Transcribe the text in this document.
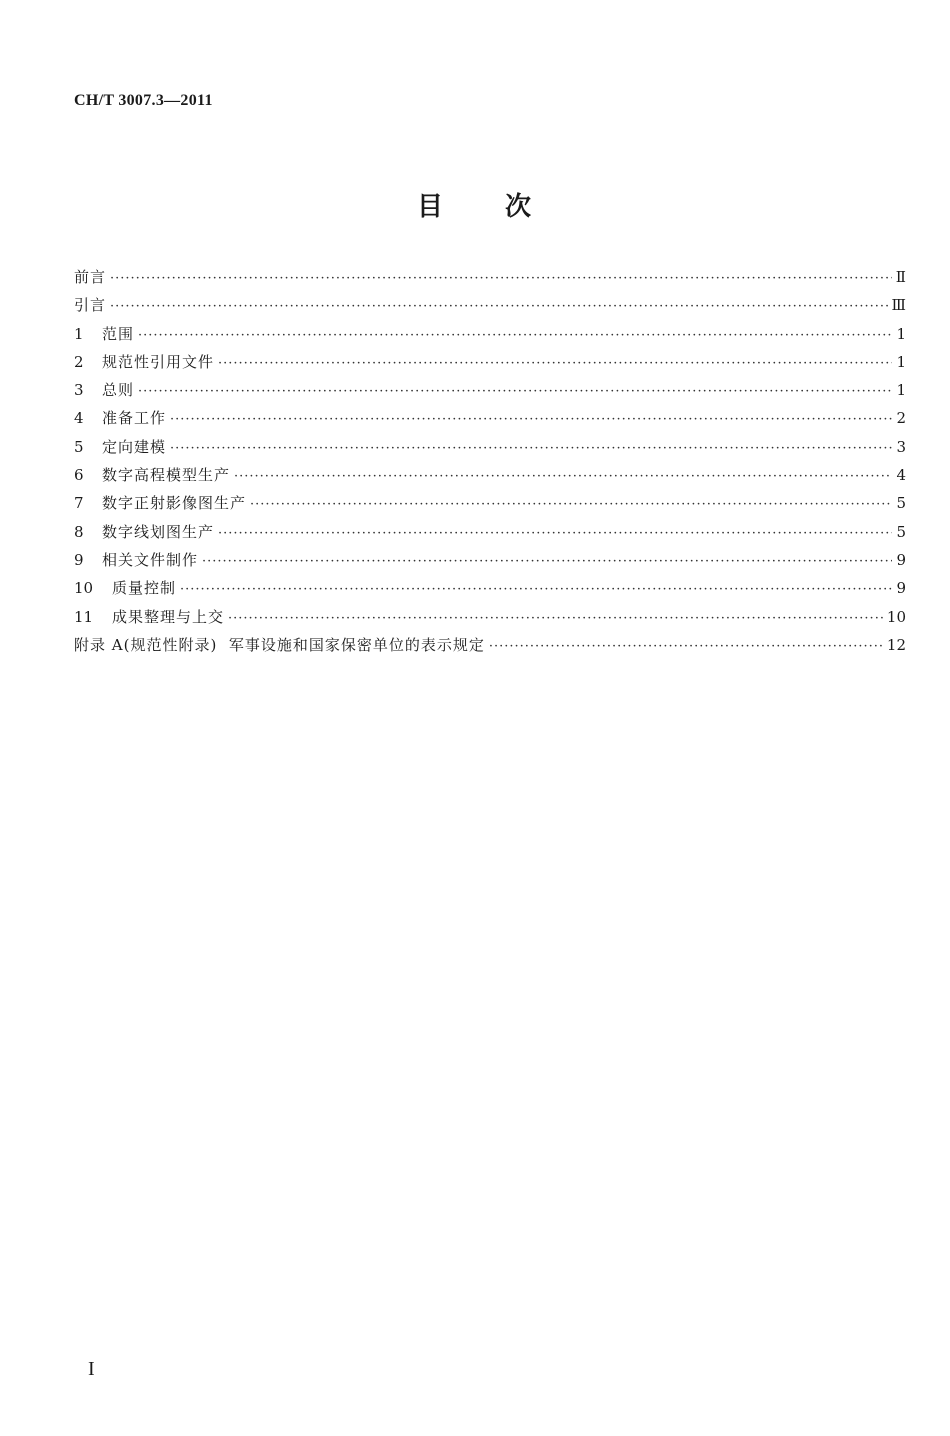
CH/T 3007.3—2011
目 次
前言 ·····	Ⅱ
引言 ·····	Ⅲ
1	范围 ·····	1
2	规范性引用文件 ·····	1
3	总则 ·····	1
4	准备工作 ·····	2
5	定向建模 ·····	3
6	数字高程模型生产 ·····	4
7	数字正射影像图生产 ·····	5
8	数字线划图生产 ·····	5
9	相关文件制作 ·····	9
10	质量控制 ·····	9
11	成果整理与上交 ·····	10
附录 A(规范性附录)  军事设施和国家保密单位的表示规定 ·····	12
I
